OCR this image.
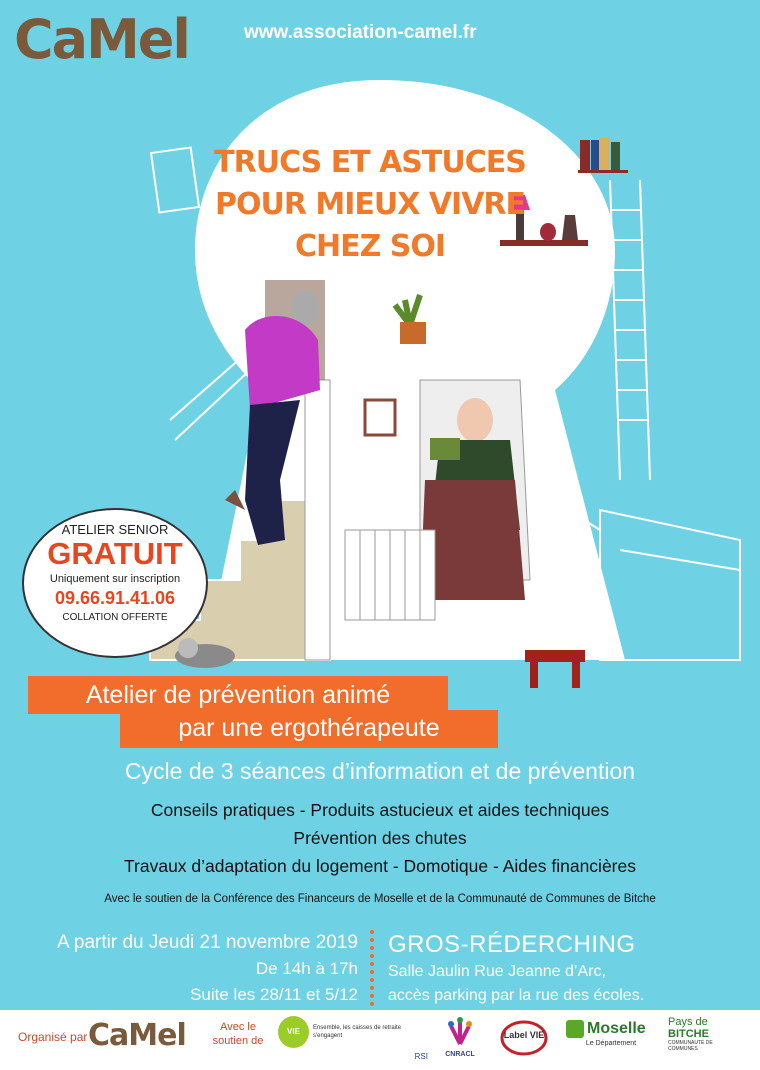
CaMel	www.association-camel.fr
TRUCS ET ASTUCES
POUR MIEUX VIVRE
CHEZ SOI
ATELIER SENIOR
GRATUIT
Uniquement sur inscription
09.66.91.41.06
COLLATION OFFERTE
Atelier de prévention animé
par une ergothérapeute
Cycle de 3 séances d’information et de prévention
Conseils pratiques - Produits astucieux et aides techniques
Prévention des chutes
Travaux d’adaptation du logement - Domotique - Aides financières
Avec le soutien de la Conférence des Financeurs de Moselle et de la Communauté de Communes de Bitche
A partir du Jeudi 21 novembre 2019
De 14h à 17h
Suite les 28/11 et 5/12
GROS-RÉDERCHING
Salle Jaulin Rue Jeanne d’Arc,
accès parking par la rue des écoles.
Organisé par CaMel	Avec le soutien de
VIE LLUS
Ensemble, les caisses de retraite s'engagent
RSI	CNRACL
Label VIE	Moselle
Le Département
Pays de
BITCHE
COMMUNAUTÉ DE COMMUNES
